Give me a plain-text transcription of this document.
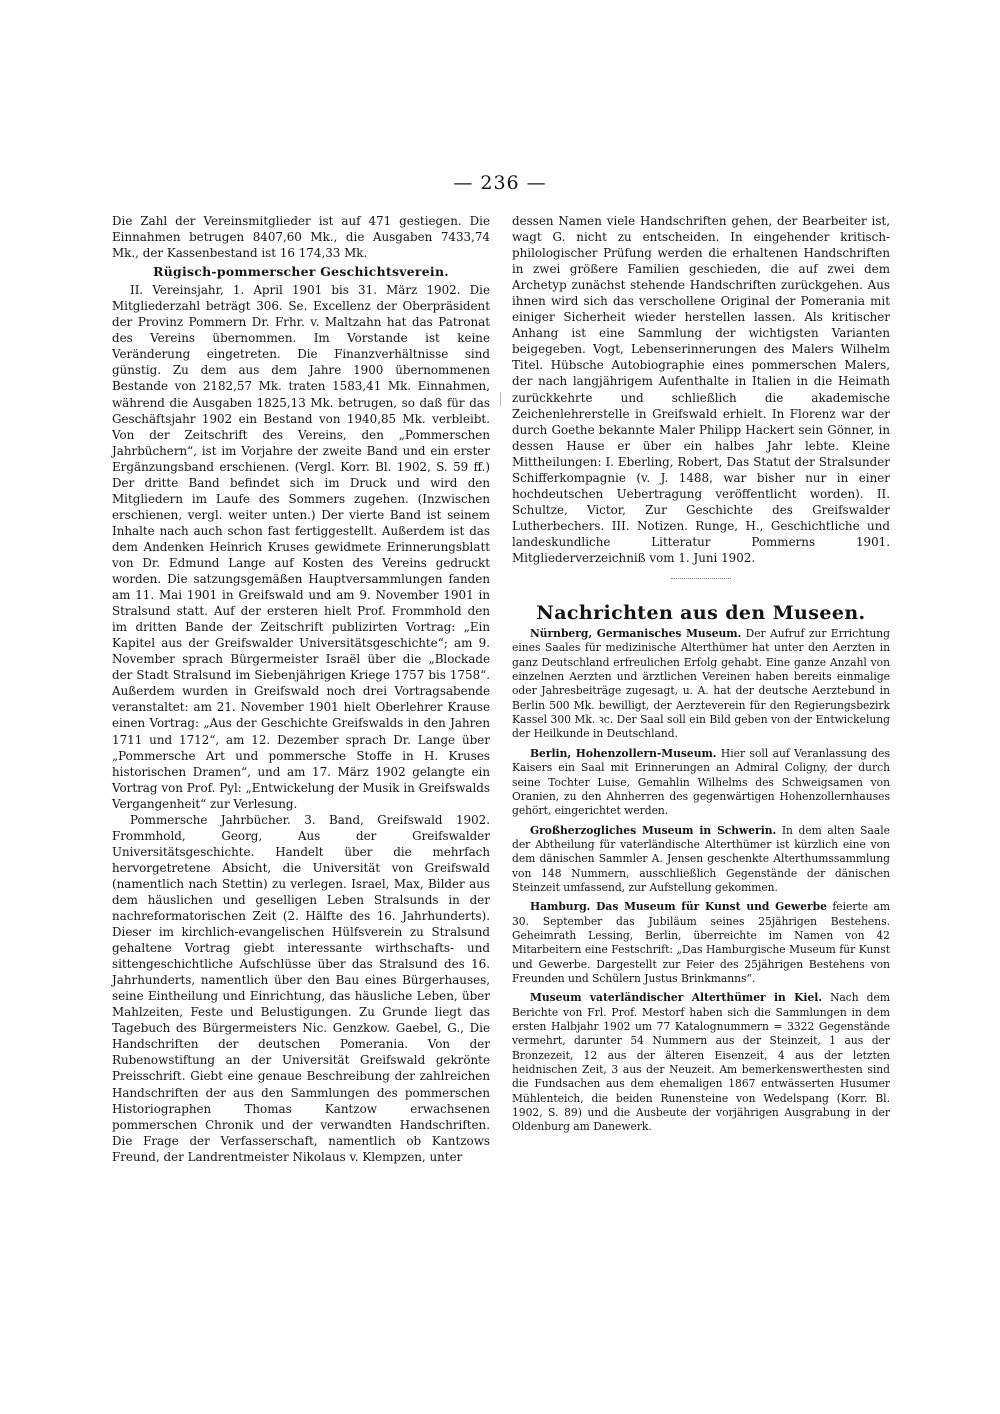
— 236 —

Die Zahl der Vereinsmitglieder ist auf 471 gestiegen. Die Einnahmen betrugen 8407,60 Mk., die Ausgaben 7433,74 Mk., der Kassenbestand ist 16 174,33 Mk.

Rügisch-pommerscher Geschichtsverein.

II. Vereinsjahr, 1. April 1901 bis 31. März 1902. Die Mitgliederzahl beträgt 306. Se. Excellenz der Oberpräsident der Provinz Pommern Dr. Frhr. v. Maltzahn hat das Patronat des Vereins übernommen. Im Vorstande ist keine Veränderung eingetreten. Die Finanzverhältnisse sind günstig. Zu dem aus dem Jahre 1900 übernommenen Bestande von 2182,57 Mk. traten 1583,41 Mk. Einnahmen, während die Ausgaben 1825,13 Mk. betrugen, so daß für das Geschäftsjahr 1902 ein Bestand von 1940,85 Mk. verbleibt. Von der Zeitschrift des Vereins, den „Pommerschen Jahrbüchern“, ist im Vorjahre der zweite Band und ein erster Ergänzungsband erschienen. (Vergl. Korr. Bl. 1902, S. 59 ff.) Der dritte Band befindet sich im Druck und wird den Mitgliedern im Laufe des Sommers zugehen. (Inzwischen erschienen, vergl. weiter unten.) Der vierte Band ist seinem Inhalte nach auch schon fast fertiggestellt. Außerdem ist das dem Andenken Heinrich Kruses gewidmete Erinnerungsblatt von Dr. Edmund Lange auf Kosten des Vereins gedruckt worden. Die satzungsgemäßen Hauptversammlungen fanden am 11. Mai 1901 in Greifswald und am 9. November 1901 in Stralsund statt. Auf der ersteren hielt Prof. Frommhold den im dritten Bande der Zeitschrift publizirten Vortrag: „Ein Kapitel aus der Greifswalder Universitätsgeschichte“; am 9. November sprach Bürgermeister Israël über die „Blockade der Stadt Stralsund im Siebenjährigen Kriege 1757 bis 1758“. Außerdem wurden in Greifswald noch drei Vortragsabende veranstaltet: am 21. November 1901 hielt Oberlehrer Krause einen Vortrag: „Aus der Geschichte Greifswalds in den Jahren 1711 und 1712“, am 12. Dezember sprach Dr. Lange über „Pommersche Art und pommersche Stoffe in H. Kruses historischen Dramen“, und am 17. März 1902 gelangte ein Vortrag von Prof. Pyl: „Entwickelung der Musik in Greifswalds Vergangenheit“ zur Verlesung.

Pommersche Jahrbücher. 3. Band, Greifswald 1902. Frommhold, Georg, Aus der Greifswalder Universitätsgeschichte. Handelt über die mehrfach hervorgetretene Absicht, die Universität von Greifswald (namentlich nach Stettin) zu verlegen. Israel, Max, Bilder aus dem häuslichen und geselligen Leben Stralsunds in der nachreformatorischen Zeit (2. Hälfte des 16. Jahrhunderts). Dieser im kirchlich-evangelischen Hülfsverein zu Stralsund gehaltene Vortrag giebt interessante wirthschafts- und sittengeschichtliche Aufschlüsse über das Stralsund des 16. Jahrhunderts, namentlich über den Bau eines Bürgerhauses, seine Eintheilung und Einrichtung, das häusliche Leben, über Mahlzeiten, Feste und Belustigungen. Zu Grunde liegt das Tagebuch des Bürgermeisters Nic. Genzkow. Gaebel, G., Die Handschriften der deutschen Pomerania. Von der Rubenowstiftung an der Universität Greifswald gekrönte Preisschrift. Giebt eine genaue Beschreibung der zahlreichen Handschriften der aus den Sammlungen des pommerschen Historiographen Thomas Kantzow erwachsenen pommerschen Chronik und der verwandten Handschriften. Die Frage der Verfasserschaft, namentlich ob Kantzows Freund, der Landrentmeister Nikolaus v. Klempzen, unter

dessen Namen viele Handschriften gehen, der Bearbeiter ist, wagt G. nicht zu entscheiden. In eingehender kritisch-philologischer Prüfung werden die erhaltenen Handschriften in zwei größere Familien geschieden, die auf zwei dem Archetyp zunächst stehende Handschriften zurückgehen. Aus ihnen wird sich das verschollene Original der Pomerania mit einiger Sicherheit wieder herstellen lassen. Als kritischer Anhang ist eine Sammlung der wichtigsten Varianten beigegeben. Vogt, Lebenserinnerungen des Malers Wilhelm Titel. Hübsche Autobiographie eines pommerschen Malers, der nach langjährigem Aufenthalte in Italien in die Heimath zurückkehrte und schließlich die akademische Zeichenlehrerstelle in Greifswald erhielt. In Florenz war der durch Goethe bekannte Maler Philipp Hackert sein Gönner, in dessen Hause er über ein halbes Jahr lebte. Kleine Mittheilungen: I. Eberling, Robert, Das Statut der Stralsunder Schifferkompagnie (v. J. 1488, war bisher nur in einer hochdeutschen Uebertragung veröffentlicht worden). II. Schultze, Victor, Zur Geschichte des Greifswalder Lutherbechers. III. Notizen. Runge, H., Geschichtliche und landeskundliche Litteratur Pommerns 1901. Mitgliederverzeichniß vom 1. Juni 1902.

Nachrichten aus den Museen.

Nürnberg, Germanisches Museum. Der Aufruf zur Errichtung eines Saales für medizinische Alterthümer hat unter den Aerzten in ganz Deutschland erfreulichen Erfolg gehabt. Eine ganze Anzahl von einzelnen Aerzten und ärztlichen Vereinen haben bereits einmalige oder Jahresbeiträge zugesagt, u. A. hat der deutsche Aerztebund in Berlin 500 Mk. bewilligt, der Aerzteverein für den Regierungsbezirk Kassel 300 Mk. ꝛc. Der Saal soll ein Bild geben von der Entwickelung der Heilkunde in Deutschland.

Berlin, Hohenzollern-Museum. Hier soll auf Veranlassung des Kaisers ein Saal mit Erinnerungen an Admiral Coligny, der durch seine Tochter Luise, Gemahlin Wilhelms des Schweigsamen von Oranien, zu den Ahnherren des gegenwärtigen Hohenzollernhauses gehört, eingerichtet werden.

Großherzogliches Museum in Schwerin. In dem alten Saale der Abtheilung für vaterländische Alterthümer ist kürzlich eine von dem dänischen Sammler A. Jensen geschenkte Alterthumssammlung von 148 Nummern, ausschließlich Gegenstände der dänischen Steinzeit umfassend, zur Aufstellung gekommen.

Hamburg. Das Museum für Kunst und Gewerbe feierte am 30. September das Jubiläum seines 25jährigen Bestehens. Geheimrath Lessing, Berlin, überreichte im Namen von 42 Mitarbeitern eine Festschrift: „Das Hamburgische Museum für Kunst und Gewerbe. Dargestellt zur Feier des 25jährigen Bestehens von Freunden und Schülern Justus Brinkmanns“.

Museum vaterländischer Alterthümer in Kiel. Nach dem Berichte von Frl. Prof. Mestorf haben sich die Sammlungen in dem ersten Halbjahr 1902 um 77 Katalognummern = 3322 Gegenstände vermehrt, darunter 54 Nummern aus der Steinzeit, 1 aus der Bronzezeit, 12 aus der älteren Eisenzeit, 4 aus der letzten heidnischen Zeit, 3 aus der Neuzeit. Am bemerkenswerthesten sind die Fundsachen aus dem ehemaligen 1867 entwässerten Husumer Mühlenteich, die beiden Runensteine von Wedelspang (Korr. Bl. 1902, S. 89) und die Ausbeute der vorjährigen Ausgrabung in der Oldenburg am Danewerk.
